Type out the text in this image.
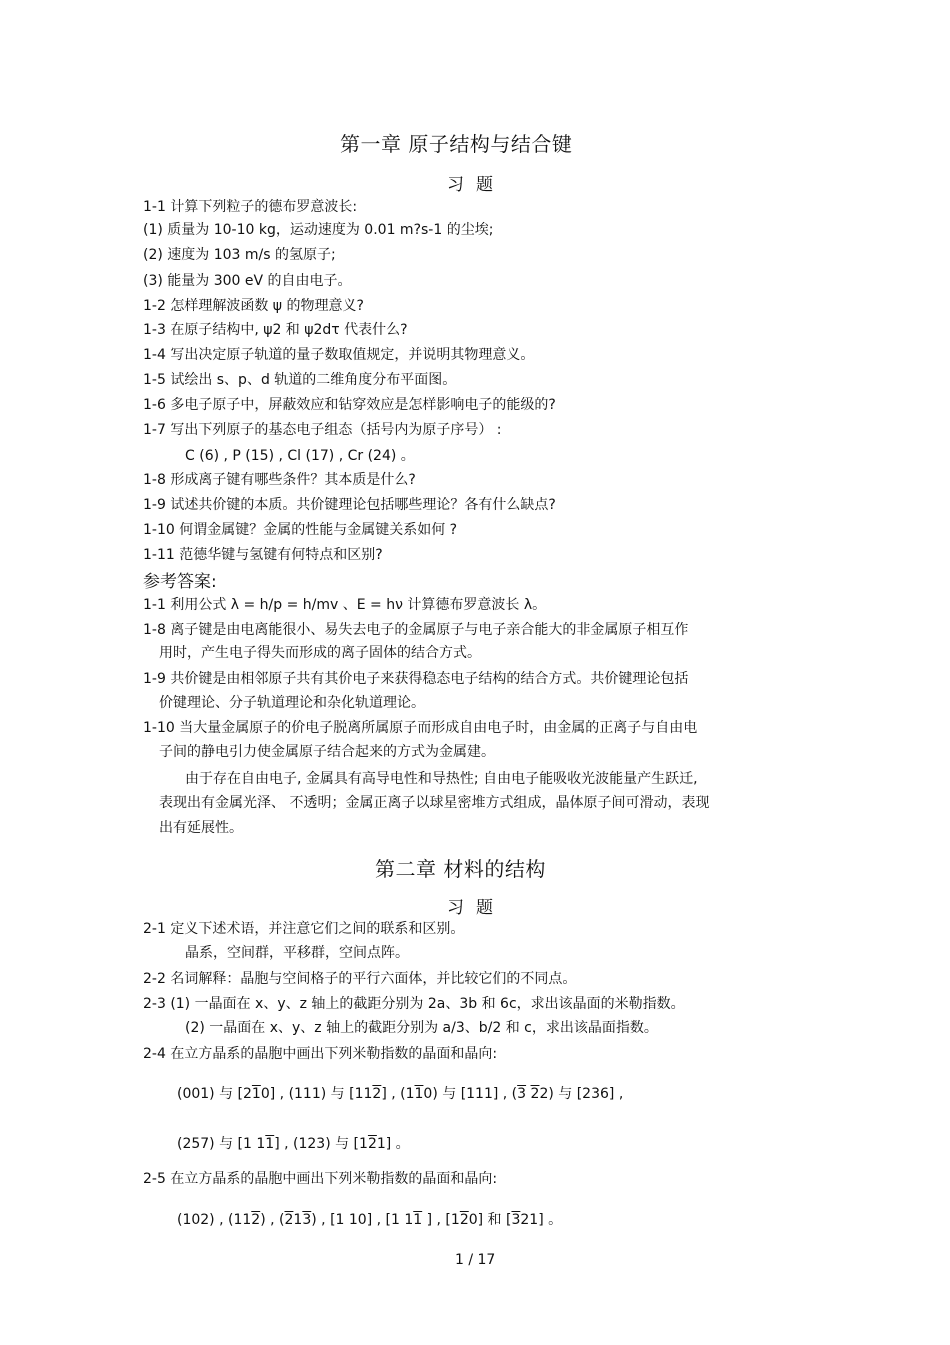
第一章 原子结构与结合键
习题
1-1 计算下列粒子的德布罗意波长:
(1) 质量为 10-10 kg，运动速度为 0.01 m?s-1 的尘埃;
(2) 速度为 103 m/s 的氢原子;
(3) 能量为 300 eV 的自由电子。
1-2 怎样理解波函数 ψ 的物理意义?
1-3 在原子结构中, ψ2 和 ψ2dτ 代表什么?
1-4 写出决定原子轨道的量子数取值规定，并说明其物理意义。
1-5 试绘出 s、p、d 轨道的二维角度分布平面图。
1-6 多电子原子中，屏蔽效应和钻穿效应是怎样影响电子的能级的?
1-7 写出下列原子的基态电子组态（括号内为原子序号） :
C (6) , P (15) , Cl (17) , Cr (24) 。
1-8 形成离子键有哪些条件？其本质是什么?
1-9 试述共价键的本质。共价键理论包括哪些理论？各有什么缺点?
1-10 何谓金属键？金属的性能与金属键关系如何 ?
1-11 范德华键与氢键有何特点和区别?
参考答案:
1-1 利用公式 λ = h/p = h/mv 、E = hν 计算德布罗意波长 λ。
1-8 离子键是由电离能很小、易失去电子的金属原子与电子亲合能大的非金属原子相互作
用时，产生电子得失而形成的离子固体的结合方式。
1-9 共价键是由相邻原子共有其价电子来获得稳态电子结构的结合方式。共价键理论包括
价键理论、分子轨道理论和杂化轨道理论。
1-10 当大量金属原子的价电子脱离所属原子而形成自由电子时，由金属的正离子与自由电
子间的静电引力使金属原子结合起来的方式为金属建。
由于存在自由电子, 金属具有高导电性和导热性; 自由电子能吸收光波能量产生跃迁,
表现出有金属光泽、 不透明；金属正离子以球星密堆方式组成，晶体原子间可滑动，表现
出有延展性。
第二章 材料的结构
习题
2-1 定义下述术语，并注意它们之间的联系和区别。
晶系，空间群，平移群，空间点阵。
2-2 名词解释：晶胞与空间格子的平行六面体，并比较它们的不同点。
2-3 (1) 一晶面在 x、y、z 轴上的截距分别为 2a、3b 和 6c，求出该晶面的米勒指数。
(2) 一晶面在 x、y、z 轴上的截距分别为 a/3、b/2 和 c，求出该晶面指数。
2-4 在立方晶系的晶胞中画出下列米勒指数的晶面和晶向:
(001) 与 [210] , (111) 与 [112] , (110) 与 [111] , (3 22) 与 [236] ,
(257) 与 [1 11] , (123) 与 [121] 。
2-5 在立方晶系的晶胞中画出下列米勒指数的晶面和晶向:
(102) , (112) , (213) , [1 10] , [1 11 ] , [120] 和 [321] 。
1 / 17
